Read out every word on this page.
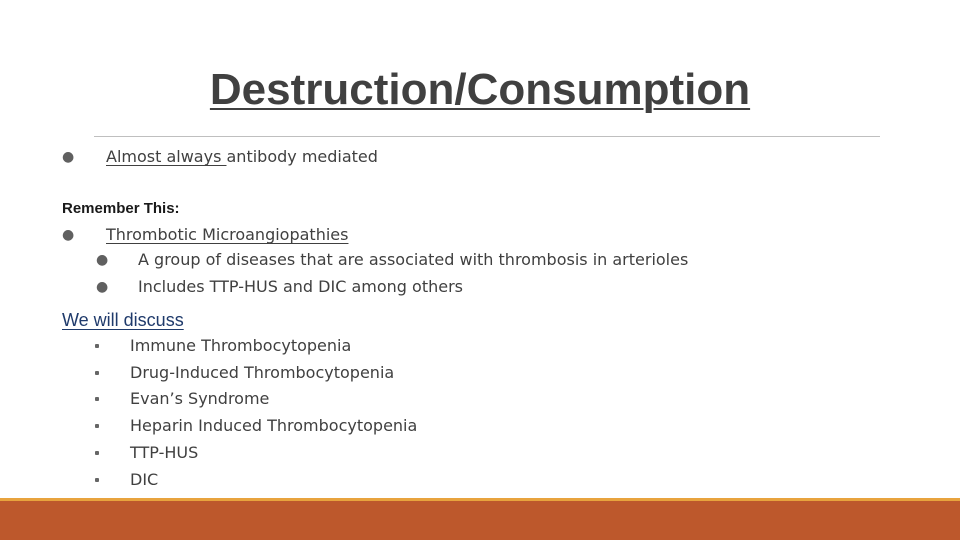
Destruction/Consumption
● Almost always antibody mediated
Remember This:
● Thrombotic Microangiopathies
● A group of diseases that are associated with thrombosis in arterioles
● Includes TTP-HUS and DIC among others
We will discuss
Immune Thrombocytopenia
Drug-Induced Thrombocytopenia
Evan’s Syndrome
Heparin Induced Thrombocytopenia
TTP-HUS
DIC
